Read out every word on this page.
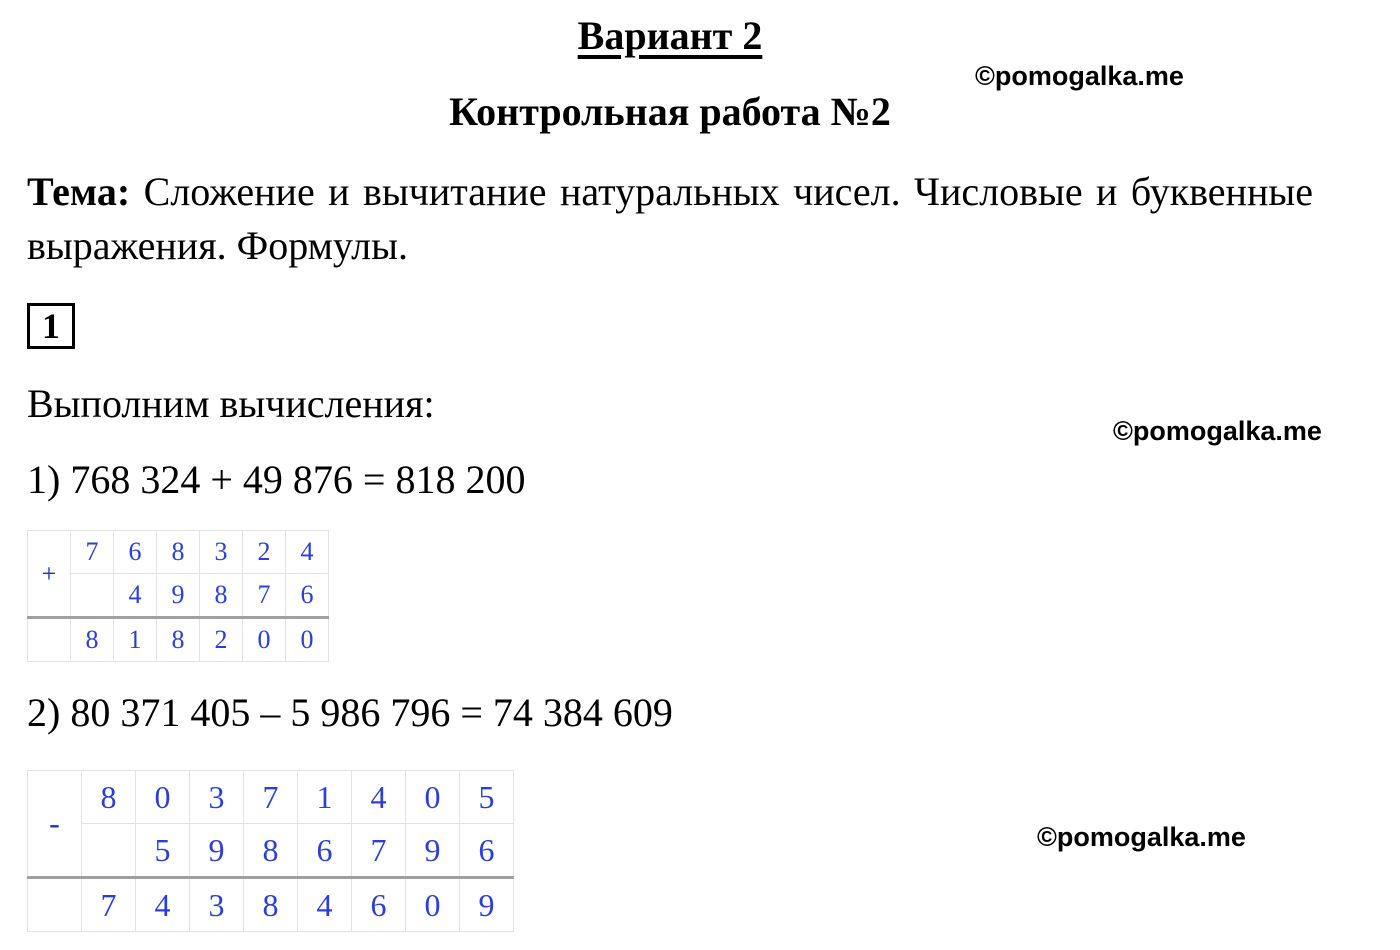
Вариант 2
©pomogalka.me
Контрольная работа №2
Тема: Сложение и вычитание натуральных чисел. Числовые и буквенные выражения. Формулы.
1
Выполним вычисления:
©pomogalka.me
1) 768 324 + 49 876 = 818 200
+	7	6	8	3	2	4
		4	9	8	7	6
	8	1	8	2	0	0
2) 80 371 405 – 5 986 796 = 74 384 609
-	8	0	3	7	1	4	0	5
		5	9	8	6	7	9	6
	7	4	3	8	4	6	0	9
©pomogalka.me
